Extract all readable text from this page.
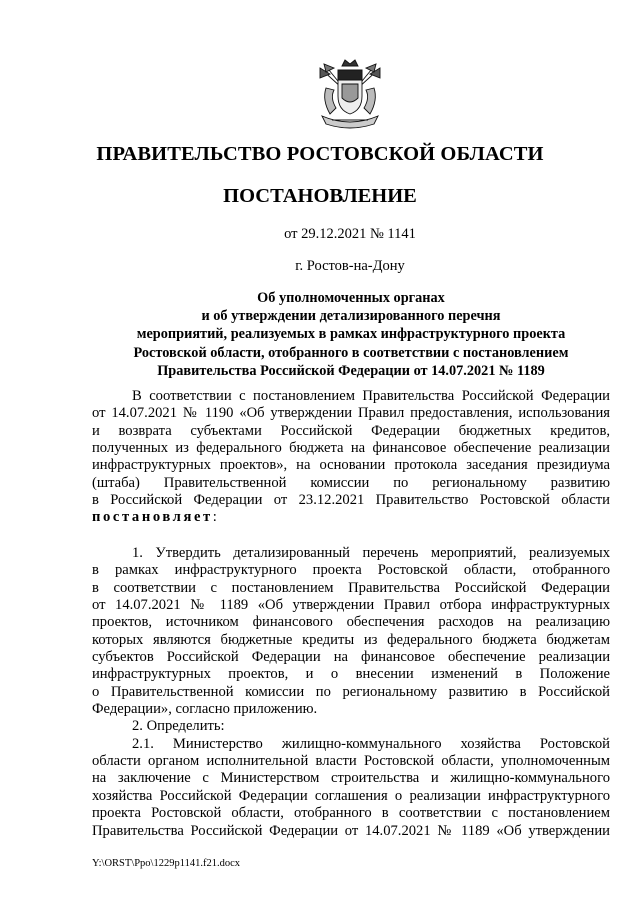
ПРАВИТЕЛЬСТВО РОСТОВСКОЙ ОБЛАСТИ
ПОСТАНОВЛЕНИЕ
от 29.12.2021 № 1141
г. Ростов-на-Дону
Об уполномоченных органах
и об утверждении детализированного перечня
мероприятий, реализуемых в рамках инфраструктурного проекта
Ростовской области, отобранного в соответствии с постановлением
Правительства Российской Федерации от 14.07.2021 № 1189
В соответствии с постановлением Правительства Российской Федерации
от 14.07.2021 № 1190 «Об утверждении Правил предоставления, использования
и возврата субъектами Российской Федерации бюджетных кредитов,
полученных из федерального бюджета на финансовое обеспечение реализации
инфраструктурных проектов», на основании протокола заседания президиума
(штаба) Правительственной комиссии по региональному развитию
в Российской Федерации от 23.12.2021 Правительство Ростовской области
постановляет:
1. Утвердить детализированный перечень мероприятий, реализуемых
в рамках инфраструктурного проекта Ростовской области, отобранного
в соответствии с постановлением Правительства Российской Федерации
от 14.07.2021 № 1189 «Об утверждении Правил отбора инфраструктурных
проектов, источником финансового обеспечения расходов на реализацию
которых являются бюджетные кредиты из федерального бюджета бюджетам
субъектов Российской Федерации на финансовое обеспечение реализации
инфраструктурных проектов, и о внесении изменений в Положение
о Правительственной комиссии по региональному развитию в Российской
Федерации», согласно приложению.
2. Определить:
2.1. Министерство жилищно-коммунального хозяйства Ростовской
области органом исполнительной власти Ростовской области, уполномоченным
на заключение с Министерством строительства и жилищно-коммунального
хозяйства Российской Федерации соглашения о реализации инфраструктурного
проекта Ростовской области, отобранного в соответствии с постановлением
Правительства Российской Федерации от 14.07.2021 № 1189 «Об утверждении
Y:\ORST\Ppo\1229p1141.f21.docx
